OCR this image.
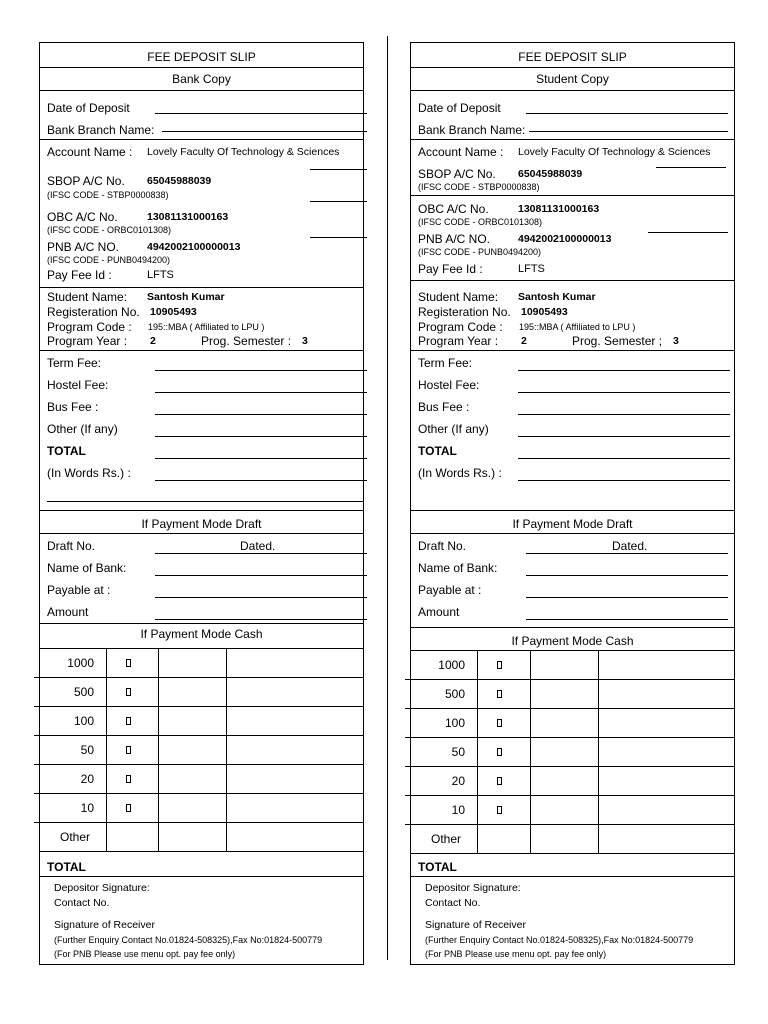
FEE DEPOSIT SLIP
Bank Copy
Date of Deposit
Bank Branch Name:
Account Name : Lovely Faculty Of Technology & Sciences
SBOP A/C No. 65045988039
(IFSC CODE - STBP0000838)
OBC A/C No.	13081131000163
(IFSC CODE - ORBC0101308)
PNB A/C NO.	4942002100000013
(IFSC CODE - PUNB0494200)
Pay Fee Id :	LFTS
Student Name: Santosh Kumar
Registeration No. 10905493
Program Code : 195::MBA ( Affiliated to LPU )
Program Year : 2	Prog. Semester : 3
Term Fee:
Hostel Fee:
Bus Fee :
Other (If any)
TOTAL
(In Words Rs.) :
If Payment Mode Draft
Draft No.	Dated.
Name of Bank:
Payable at :
Amount
If Payment Mode Cash
1000
500
100
50
20
10
Other
TOTAL
Depositor Signature:
Contact No.
Signature of Receiver
(Further Enquiry Contact No.01824-508325),Fax No:01824-500779
(For PNB Please use menu opt. pay fee only)
FEE DEPOSIT SLIP
Student Copy
Date of Deposit
Bank Branch Name:
Account Name : Lovely Faculty Of Technology & Sciences
SBOP A/C No. 65045988039
(IFSC CODE - STBP0000838)
OBC A/C No.	13081131000163
(IFSC CODE - ORBC0101308)
PNB A/C NO.	4942002100000013
(IFSC CODE - PUNB0494200)
Pay Fee Id :	LFTS
Student Name: Santosh Kumar
Registeration No. 10905493
Program Code : 195::MBA ( Affiliated to LPU )
Program Year : 2	Prog. Semester ; 3
Term Fee:
Hostel Fee:
Bus Fee :
Other (If any)
TOTAL
(In Words Rs.) :
If Payment Mode Draft
Draft No.	Dated.
Name of Bank:
Payable at :
Amount
If Payment Mode Cash
1000
500
100
50
20
10
Other
TOTAL
Depositor Signature:
Contact No.
Signature of Receiver
(Further Enquiry Contact No.01824-508325),Fax No:01824-500779
(For PNB Please use menu opt. pay fee only)
